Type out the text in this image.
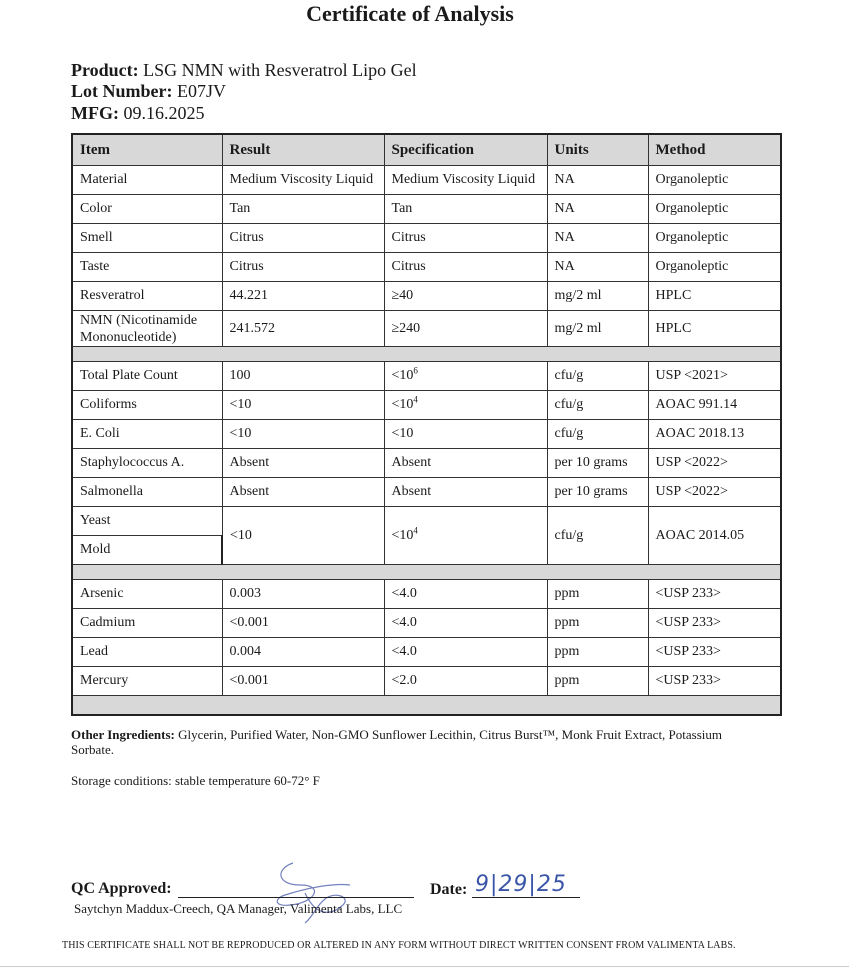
Certificate of Analysis
Product: LSG NMN with Resveratrol Lipo Gel
Lot Number: E07JV
MFG: 09.16.2025
Item	Result	Specification	Units	Method
Material	Medium Viscosity Liquid	Medium Viscosity Liquid	NA	Organoleptic
Color	Tan	Tan	NA	Organoleptic
Smell	Citrus	Citrus	NA	Organoleptic
Taste	Citrus	Citrus	NA	Organoleptic
Resveratrol	44.221	≥40	mg/2 ml	HPLC
NMN (Nicotinamide Mononucleotide)	241.572	≥240	mg/2 ml	HPLC

Total Plate Count	100	$<10^6$	cfu/g	USP <2021>
Coliforms	<10	$<10^4$	cfu/g	AOAC 991.14
E. Coli	<10	<10	cfu/g	AOAC 2018.13
Staphylococcus A.	Absent	Absent	per 10 grams	USP <2022>
Salmonella	Absent	Absent	per 10 grams	USP <2022>
Yeast	<10	$<10^4$	cfu/g	AOAC 2014.05
Mold				

Arsenic	0.003	<4.0	ppm	<USP 233>
Cadmium	<0.001	<4.0	ppm	<USP 233>
Lead	0.004	<4.0	ppm	<USP 233>
Mercury	<0.001	<2.0	ppm	<USP 233>

Other Ingredients: Glycerin, Purified Water, Non-GMO Sunflower Lecithin, Citrus Burst™, Monk Fruit Extract, Potassium Sorbate.
Storage conditions: stable temperature 60-72° F
QC Approved:	Date: 9|29|25
Saytchyn Maddux-Creech, QA Manager, Valimenta Labs, LLC
THIS CERTIFICATE SHALL NOT BE REPRODUCED OR ALTERED IN ANY FORM WITHOUT DIRECT WRITTEN CONSENT FROM VALIMENTA LABS.
